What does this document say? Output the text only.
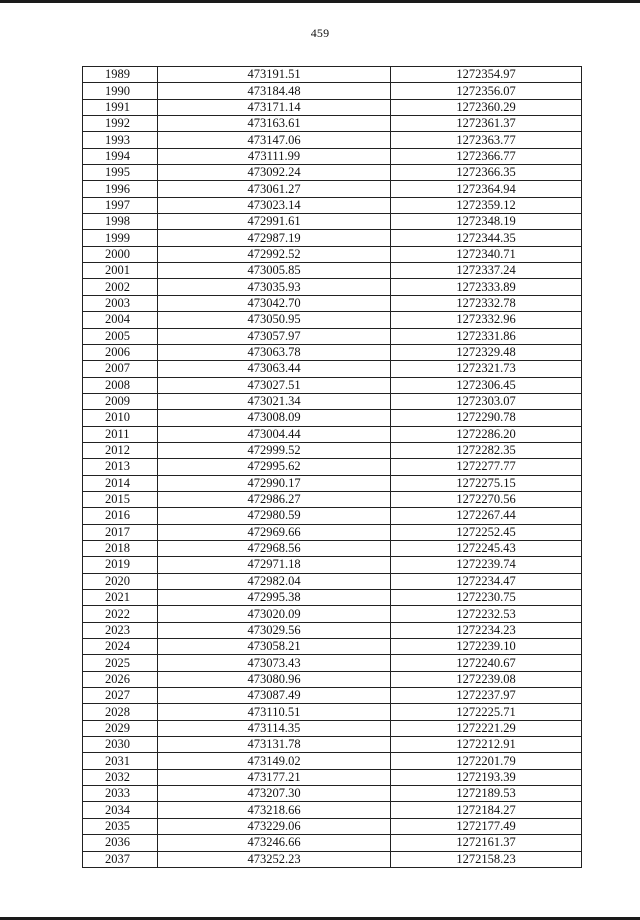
459
1989	473191.51	1272354.97
1990	473184.48	1272356.07
1991	473171.14	1272360.29
1992	473163.61	1272361.37
1993	473147.06	1272363.77
1994	473111.99	1272366.77
1995	473092.24	1272366.35
1996	473061.27	1272364.94
1997	473023.14	1272359.12
1998	472991.61	1272348.19
1999	472987.19	1272344.35
2000	472992.52	1272340.71
2001	473005.85	1272337.24
2002	473035.93	1272333.89
2003	473042.70	1272332.78
2004	473050.95	1272332.96
2005	473057.97	1272331.86
2006	473063.78	1272329.48
2007	473063.44	1272321.73
2008	473027.51	1272306.45
2009	473021.34	1272303.07
2010	473008.09	1272290.78
2011	473004.44	1272286.20
2012	472999.52	1272282.35
2013	472995.62	1272277.77
2014	472990.17	1272275.15
2015	472986.27	1272270.56
2016	472980.59	1272267.44
2017	472969.66	1272252.45
2018	472968.56	1272245.43
2019	472971.18	1272239.74
2020	472982.04	1272234.47
2021	472995.38	1272230.75
2022	473020.09	1272232.53
2023	473029.56	1272234.23
2024	473058.21	1272239.10
2025	473073.43	1272240.67
2026	473080.96	1272239.08
2027	473087.49	1272237.97
2028	473110.51	1272225.71
2029	473114.35	1272221.29
2030	473131.78	1272212.91
2031	473149.02	1272201.79
2032	473177.21	1272193.39
2033	473207.30	1272189.53
2034	473218.66	1272184.27
2035	473229.06	1272177.49
2036	473246.66	1272161.37
2037	473252.23	1272158.23
